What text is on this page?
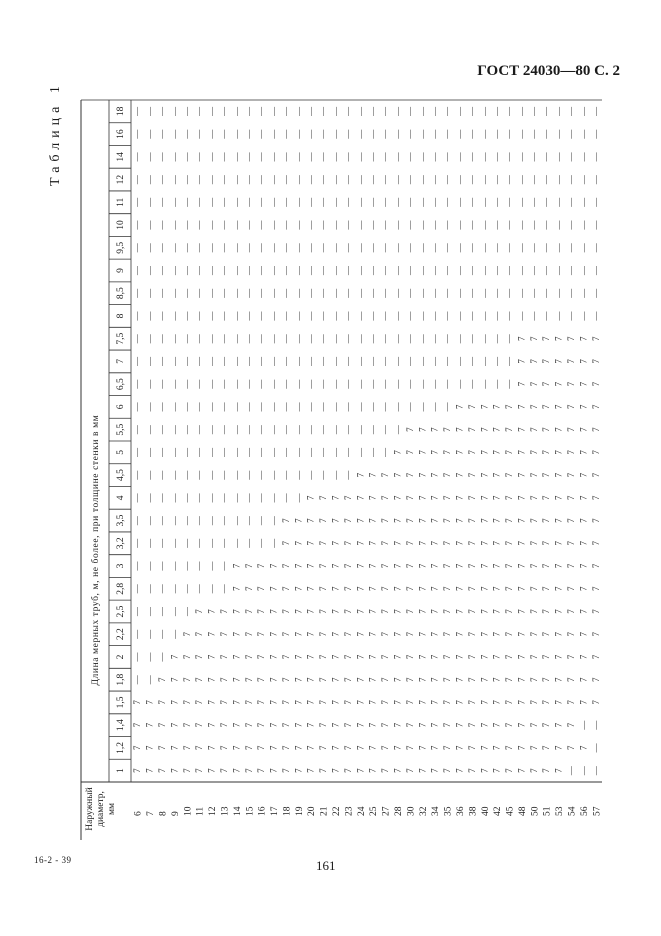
ГОСТ 24030—80 С. 2
Таблица 1
7 7 7 7 7 7 7 7 7 7 7 7 7 7 7 7 7 7 7 7 7 7 7 7 7 7 7 7 7 7 7 7 7 7 7 — — —
7 7 7 7 7 7 7 7 7 7 7 7 7 7 7 7 7 7 7 7 7 7 7 7 7 7 7 7 7 7 7 7 7 7 7 7 7 —
7 7 7 7 7 7 7 7 7 7 7 7 7 7 7 7 7 7 7 7 7 7 7 7 7 7 7 7 7 7 7 7 7 7 7 7 — —
7 7 7 7 7 7 7 7 7 7 7 7 7 7 7 7 7 7 7 7 7 7 7 7 7 7 7 7 7 7 7 7 7 7 7 7 7 7
— — 7 7 7 7 7 7 7 7 7 7 7 7 7 7 7 7 7 7 7 7 7 7 7 7 7 7 7 7 7 7 7 7 7 7 7 7
— — — 7 7 7 7 7 7 7 7 7 7 7 7 7 7 7 7 7 7 7 7 7 7 7 7 7 7 7 7 7 7 7 7 7 7 7
— — — — 7 7 7 7 7 7 7 7 7 7 7 7 7 7 7 7 7 7 7 7 7 7 7 7 7 7 7 7 7 7 7 7 7 7
— — — — — 7 7 7 7 7 7 7 7 7 7 7 7 7 7 7 7 7 7 7 7 7 7 7 7 7 7 7 7 7 7 7 7 7
— — — — — — — — 7 7 7 7 7 7 7 7 7 7 7 7 7 7 7 7 7 7 7 7 7 7 7 7 7 7 7 7 7 7
— — — — — — — — 7 7 7 7 7 7 7 7 7 7 7 7 7 7 7 7 7 7 7 7 7 7 7 7 7 7 7 7 7 7
— — — — — — — — — — — — 7 7 7 7 7 7 7 7 7 7 7 7 7 7 7 7 7 7 7 7 7 7 7 7 7 7
— — — — — — — — — — — — 7 7 7 7 7 7 7 7 7 7 7 7 7 7 7 7 7 7 7 7 7 7 7 7 7 7
— — — — — — — — — — — — — — 7 7 7 7 7 7 7 7 7 7 7 7 7 7 7 7 7 7 7 7 7 7 7 7
— — — — — — — — — — — — — — — — — — 7 7 7 7 7 7 7 7 7 7 7 7 7 7 7 7 7 7 7 7
— — — — — — — — — — — — — — — — — — — — — 7 7 7 7 7 7 7 7 7 7 7 7 7 7 7 7 7
— — — — — — — — — — — — — — — — — — — — — — 7 7 7 7 7 7 7 7 7 7 7 7 7 7 7 7
— — — — — — — — — — — — — — — — — — — — — — — — — — 7 7 7 7 7 7 7 7 7 7 7 7
— — — — — — — — — — — — — — — — — — — — — — — — — — — — — — — 7 7 7 7 7 7 7
— — — — — — — — — — — — — — — — — — — — — — — — — — — — — — — 7 7 7 7 7 7 7
— — — — — — — — — — — — — — — — — — — — — — — — — — — — — — — 7 7 7 7 7 7 7
— — — — — — — — — — — — — — — — — — — — — — — — — — — — — — — — — — — — — —
— — — — — — — — — — — — — — — — — — — — — — — — — — — — — — — — — — — — — —
— — — — — — — — — — — — — — — — — — — — — — — — — — — — — — — — — — — — — —
— — — — — — — — — — — — — — — — — — — — — — — — — — — — — — — — — — — — — —
— — — — — — — — — — — — — — — — — — — — — — — — — — — — — — — — — — — — — —
— — — — — — — — — — — — — — — — — — — — — — — — — — — — — — — — — — — — — —
— — — — — — — — — — — — — — — — — — — — — — — — — — — — — — — — — — — — — —
— — — — — — — — — — — — — — — — — — — — — — — — — — — — — — — — — — — — — —
— — — — — — — — — — — — — — — — — — — — — — — — — — — — — — — — — — — — — —
— — — — — — — — — — — — — — — — — — — — — — — — — — — — — — — — — — — — — —
Длина мерных труб, м, не более, при толщине стенки в мм
Наружный диаметр, мм
1
1,2
1,4
1,5
1,8
2
2,2
2,5
2,8
3
3,2
3,5
4
4,5
5
5,5
6
6,5
7
7,5
8
8,5
9
9,5
10
11
12
14
16
18
6 7 8 9 10 11 12 13 14 15 16 17 18 19 20 21 22 23 24 25 27 28 30 32 34 35 36 38 40 42 45 48 50 51 53 54 56 57
16-2 - 39	161
